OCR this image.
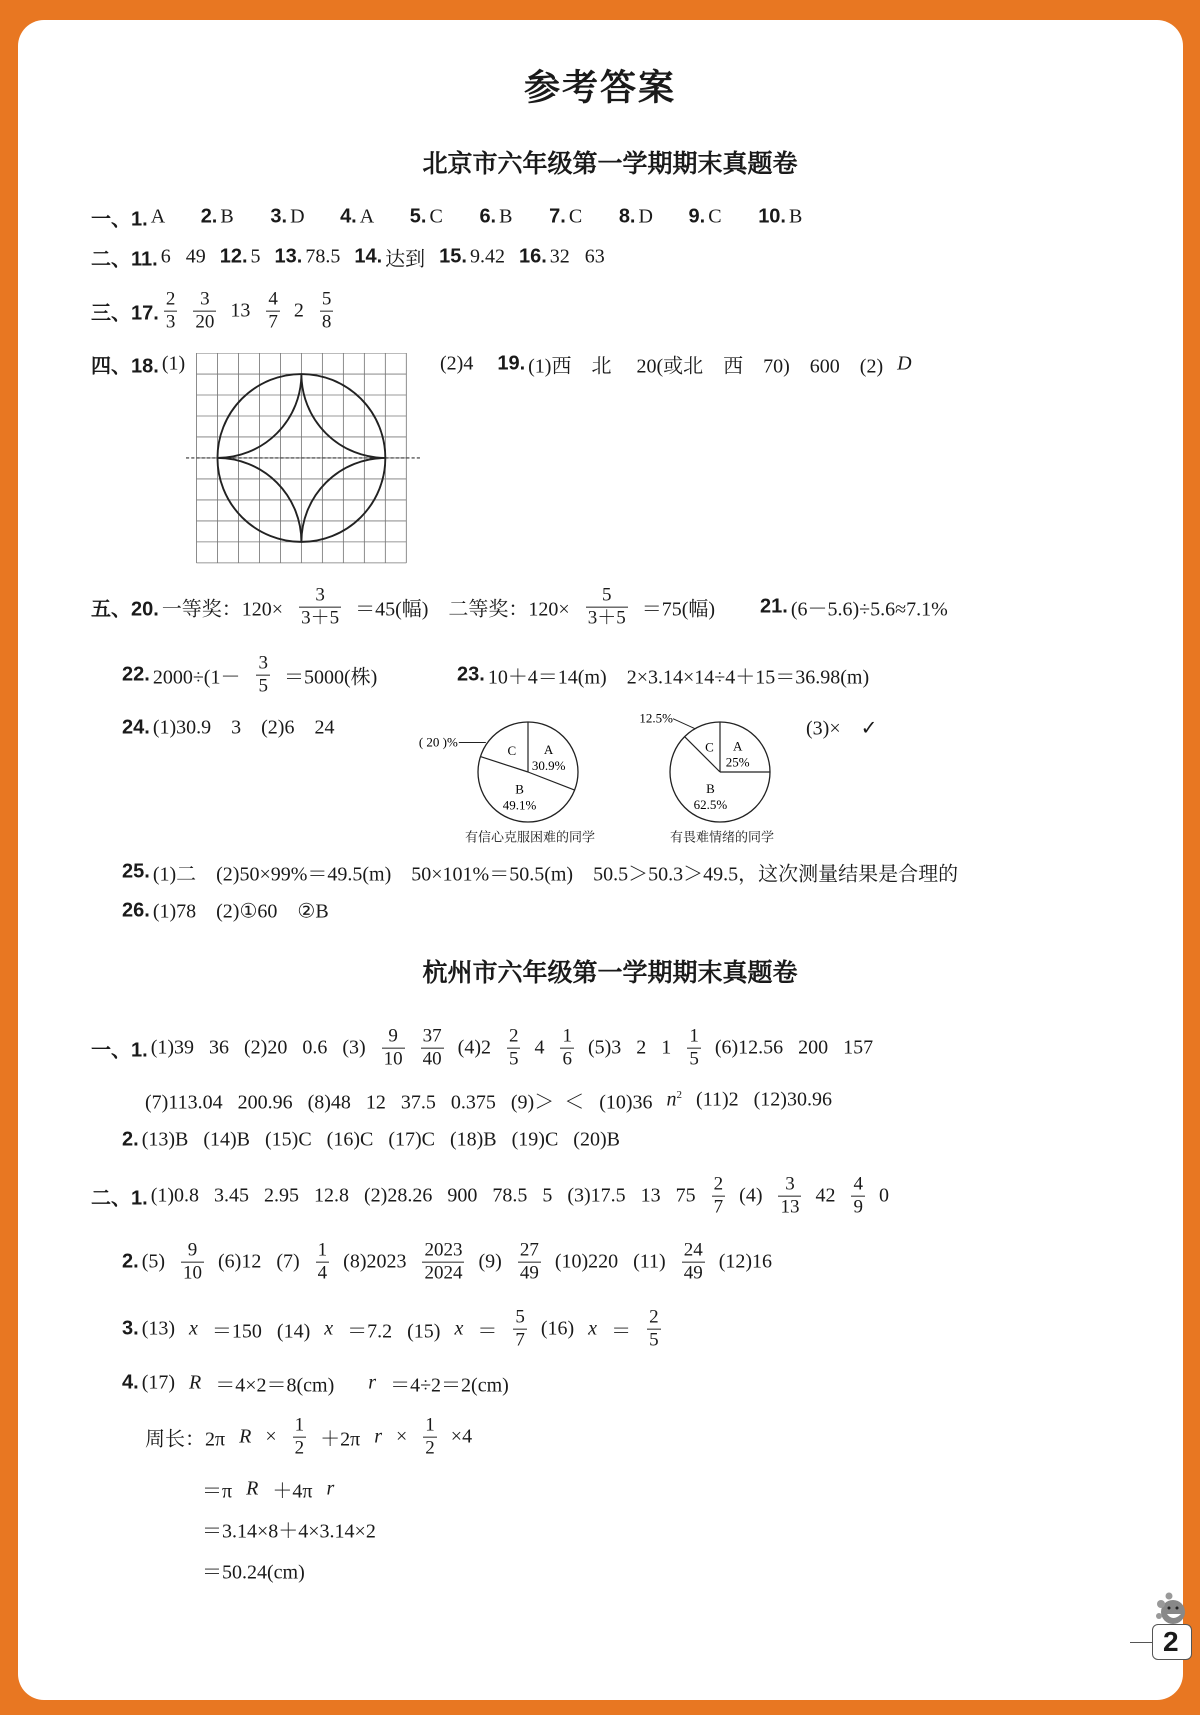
参考答案
北京市六年级第一学期期末真题卷
一、1. A	2. B	3. D	4. A	5. C	6. B	7. C	8. D	9. C	10. B
二、11. 6   49 12. 5 13. 78.5 14. 达到 15. 9.42 16. 32   63
三、17. $\frac{2}{3} \frac{3}{20} 13 \frac{4}{7} 2 \frac{5}{8}$
四、18. (1)	(2)4 19. (1)西    北     20(或北    西    70)    600    (2) D
五、20. 一等奖：$120\times \frac{3}{3+5} =45$(幅)    二等奖：$120\times \frac{5}{3+5} =75$(幅) 21. (6－5.6)÷5.6≈7.1%
22. $2000\div(1- \frac{3}{5} =5000$(株)	23. 10＋4＝14(m)    2×3.14×14÷4＋15＝36.98(m)
24. (1)30.9    3    (2)6    24	(3)×    ✓
A
30.9%
B
49.1%
C
( 20 )%	A
25%
B
62.5%
C
12.5%
有信心克服困难的同学	有畏难情绪的同学
25. (1)二    (2)50×99%＝49.5(m)    50×101%＝50.5(m)    50.5＞50.3＞49.5，这次测量结果是合理的
26. (1)78    (2)①60    ②B
杭州市六年级第一学期期末真题卷
一、1. (1)39   36   (2)20   0.6   $(3) \frac{9}{10} \frac{37}{40} (4)2 \frac{2}{5} 4 \frac{1}{6} (5)3$   2   $1 \frac{1}{5} (6)12.56$   200   157
(7)113.04   200.96   (8)48   12   37.5   0.375   (9)＞  ＜   (10)36 $n^2$ (11)2   (12)30.96
2. (13)B   (14)B   (15)C   (16)C   (17)C   (18)B   (19)C   (20)B
二、1. (1)0.8   3.45   2.95   12.8   (2)28.26   900   78.5   5   (3)17.5   13   $75 \frac{2}{7} (4) \frac{3}{13} 42 \frac{4}{9} 0$
2. $(5) \frac{9}{10} (6)12$   $(7) \frac{1}{4} (8)2023 \frac{2023}{2024} (9) \frac{27}{49} (10)220$   $(11) \frac{24}{49} (12)16$
3. (13) x ＝150   (14) x ＝7.2   (15) $x = \frac{5}{7} (16) x = \frac{2}{5}$
4. (17) R ＝4×2＝8(cm) r ＝4÷2＝2(cm)
周长：2π $R \times \frac{1}{2} +2\pi$ $r \times \frac{1}{2} \times 4$
＝π R ＋4π r
＝3.14×8＋4×3.14×2
＝50.24(cm)
2
